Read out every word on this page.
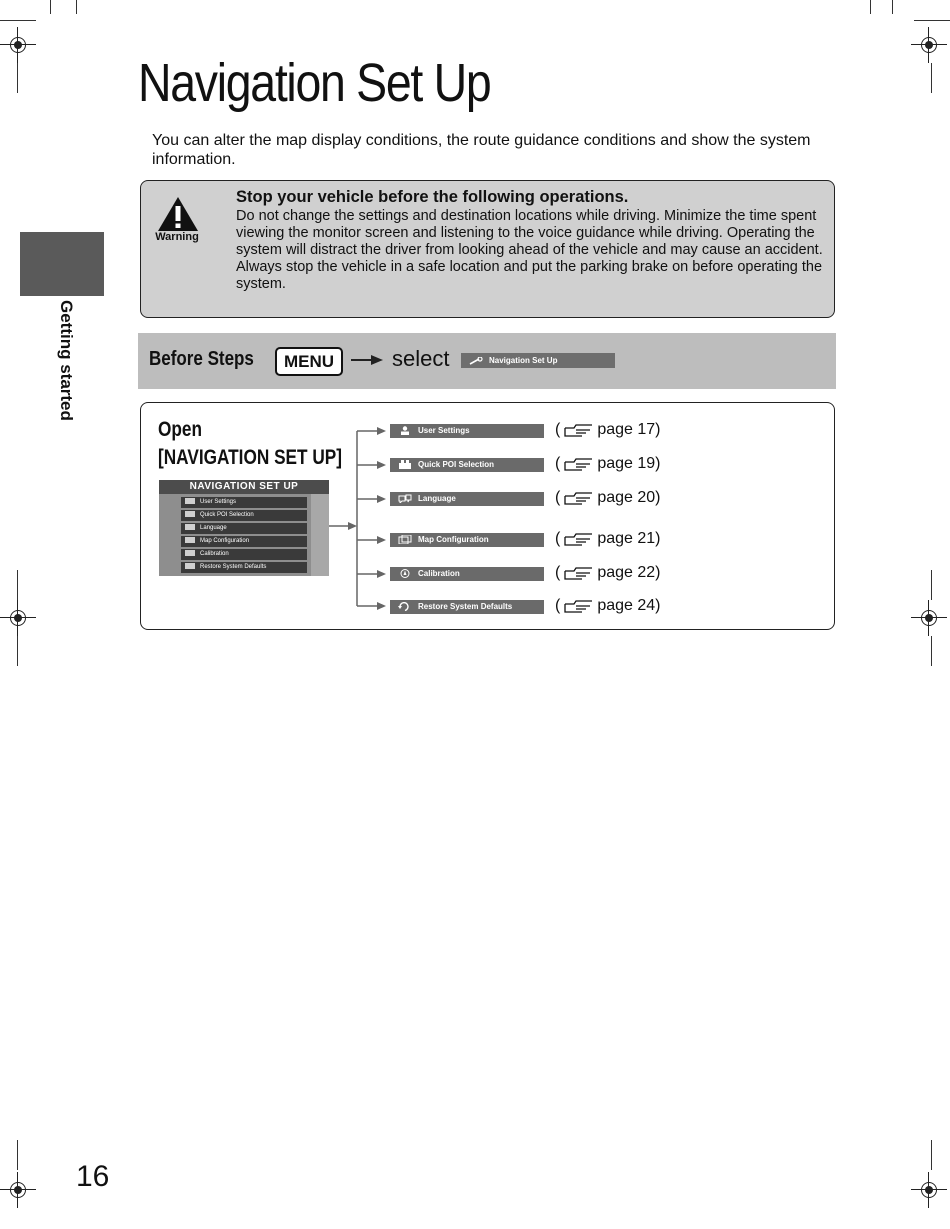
Getting started
Navigation Set Up
You can alter the map display conditions, the route guidance conditions and show the system information.
Warning
Stop your vehicle before the following operations.
Do not change the settings and destination locations while driving. Minimize the time spent viewing the monitor screen and listening to the voice guidance while driving. Operating the system will distract the driver from looking ahead of the vehicle and may cause an accident.
Always stop the vehicle in a safe location and put the parking brake on before operating the system.
Before Steps	MENU	select	Navigation Set Up
Open
[NAVIGATION SET UP]
NAVIGATION SET UP
User Settings
Quick POI Selection
Language
Map Configuration
Calibration
Restore System Defaults
User Settings	( page 17)
Quick POI Selection	( page 19)
Language	( page 20)
Map Configuration	( page 21)
Calibration	( page 22)
Restore System Defaults	( page 24)
16
